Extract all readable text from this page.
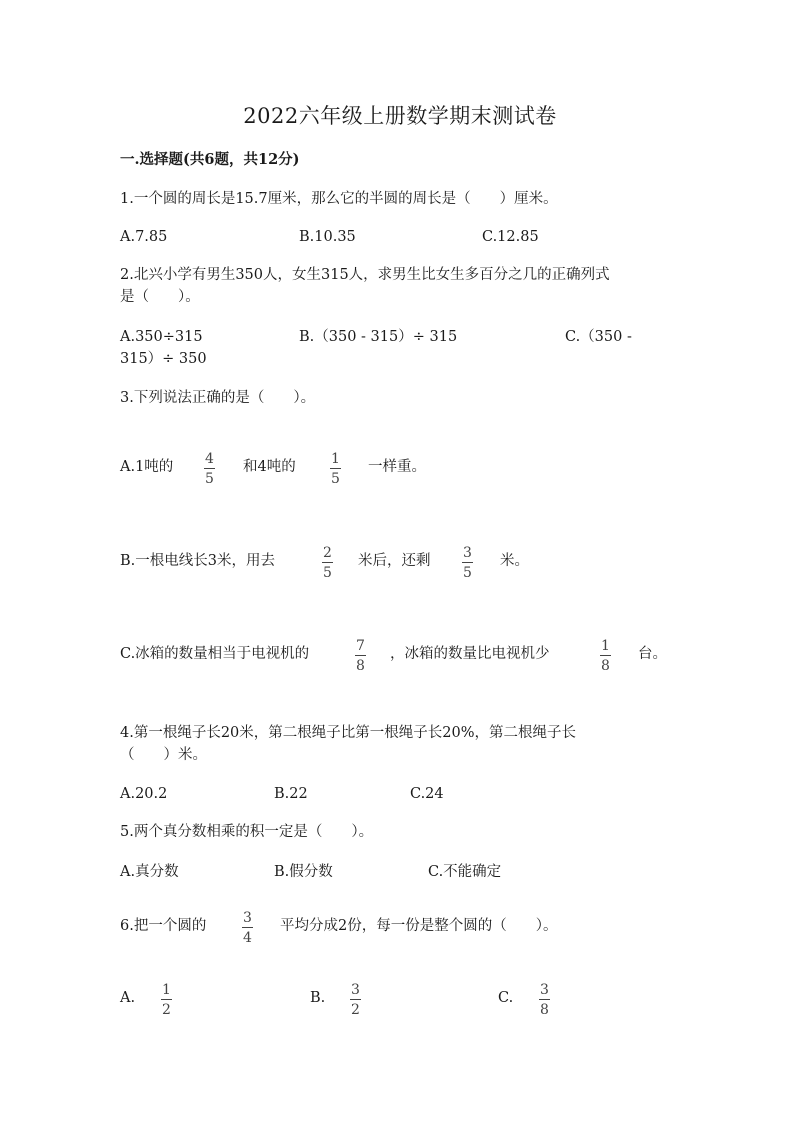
2022六年级上册数学期末测试卷
一.选择题(共6题，共12分)
1.一个圆的周长是15.7厘米，那么它的半圆的周长是（　　）厘米。
A.7.85	B.10.35	C.12.85
2.北兴小学有男生350人，女生315人，求男生比女生多百分之几的正确列式
是（　　）。
A.350÷315	B.（350 - 315）÷ 315	C.（350 -
315）÷ 350
3.下列说法正确的是（　　）。
A.1吨的 4
5
和4吨的	1
5
一样重。
B.一根电线长3米，用去	2
5
米后，还剩 3
5
米。
C.冰箱的数量相当于电视机的	7
8
，冰箱的数量比电视机少	1
8
台。
4.第一根绳子长20米，第二根绳子比第一根绳子长20%，第二根绳子长
（　　）米。
A.20.2	B.22	C.24
5.两个真分数相乘的积一定是（　　）。
A.真分数	B.假分数	C.不能确定
6.把一个圆的	3
4
平均分成2份，每一份是整个圆的（　　）。
A. 1
2
B. 3
2
C. 3
8
